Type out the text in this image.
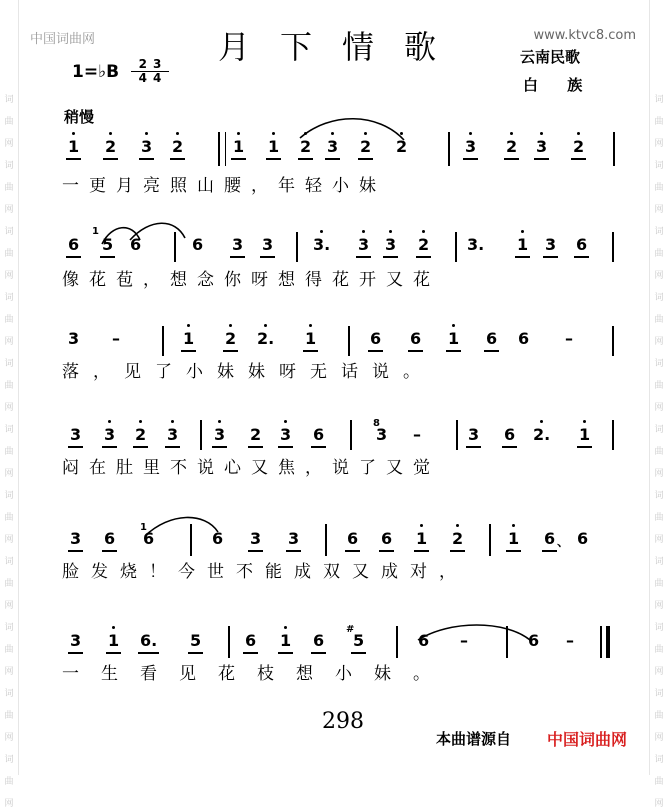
词
曲
网
词
曲
网
词
曲
网
词
曲
网
词
曲
网
词
曲
网
词
曲
网
词
曲
网
词
曲
网
词
曲
网
词
曲
网
词
曲
网
词
曲
网
词
曲
网
词
曲
网
词
曲
网
词
曲
网
词
曲
网
词
曲
网
词
曲
网
词
曲
网
词
曲
网
中国词曲网	www.ktvc8.com
月下情歌	云南民歌
白 族
1=♭B	23
44
稍慢
1
8
1
、
#
1 2 3 2	1 1 2 3 2 2	3 2 3 2
6 5 6	6 3 3 3. 3 3 2 3. 1 3 6
3 –	1 2 2. 1	6 6 1 6 6 –
3 3 2 3 3 2 3 6	3 –	3 6 2. 1
3 6 6	6 3 3	6 6 1 2	1 6 6
3 1 6. 5	6 1 6 5	6 –	6 –
一更月亮照山腰，年轻小妹
像花苞，想念你呀想得花开又花
落，见了小妹妹呀无话说。
闷在肚里不说心又焦，说了又觉
脸发烧！今世不能成双又成对，
一生看见花枝想小妹。
298
本曲谱源自 中国词曲网
